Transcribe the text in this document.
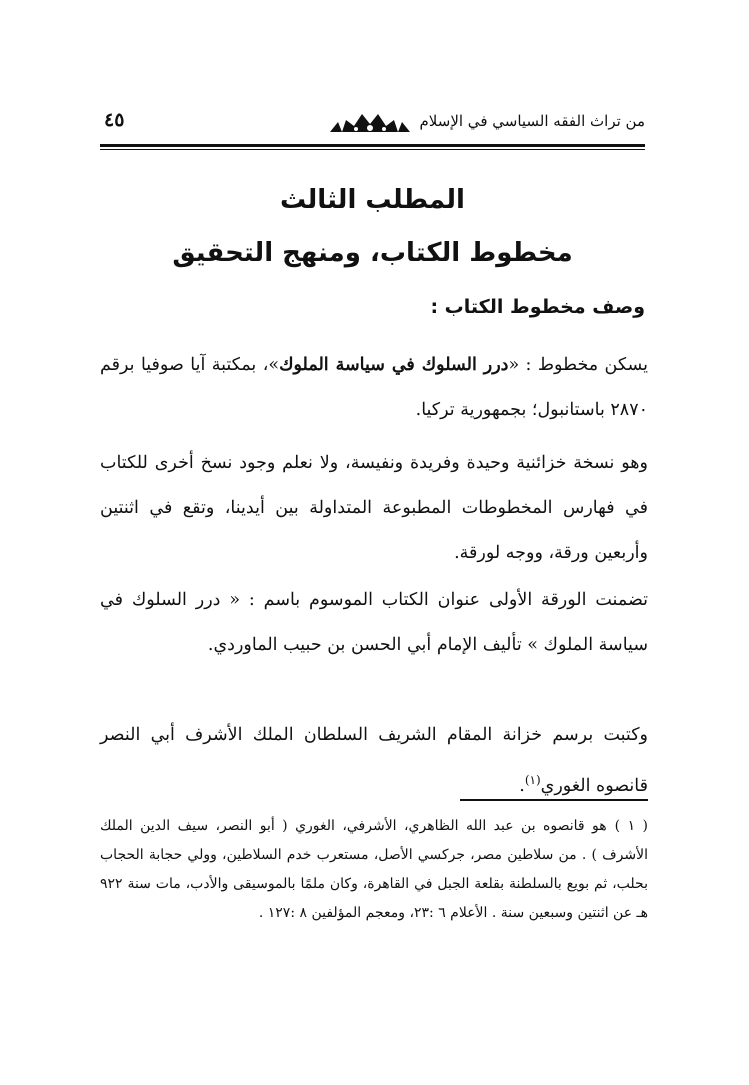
من تراث الفقه السياسي في الإسلام
٤٥
المطلب الثالث
مخطوط الكتاب، ومنهج التحقيق
وصف مخطوط الكتاب :

يسكن مخطوط : «درر السلوك في سياسة الملوك»، بمكتبة آيا صوفيا برقم ٢٨٧٠ باستانبول؛ بجمهورية تركيا.

وهو نسخة خزائنية وحيدة وفريدة ونفيسة، ولا نعلم وجود نسخ أخرى للكتاب في فهارس المخطوطات المطبوعة المتداولة بين أيدينا، وتقع في اثنتين وأربعين ورقة، ووجه لورقة.

تضمنت الورقة الأولى عنوان الكتاب الموسوم باسم : « درر السلوك في سياسة الملوك » تأليف الإمام أبي الحسن بن حبيب الماوردي.

وكتبت برسم خزانة المقام الشريف السلطان الملك الأشرف أبي النصر قانصوه الغوري$^{(١)}$.

( ١ )هو قانصوه بن عبد الله الظاهري، الأشرفي، الغوري ( أبو النصر، سيف الدين الملك الأشرف ) . من سلاطين مصر، جركسي الأصل، مستعرب خدم السلاطين، وولي حجابة الحجاب بحلب، ثم بويع بالسلطنة بقلعة الجبل في القاهرة، وكان ملمًا بالموسيقى والأدب، مات سنة ٩٢٢ هـ عن اثنتين وسبعين سنة . الأعلام ٦ :٢٣، ومعجم المؤلفين ٨ :١٢٧ .
